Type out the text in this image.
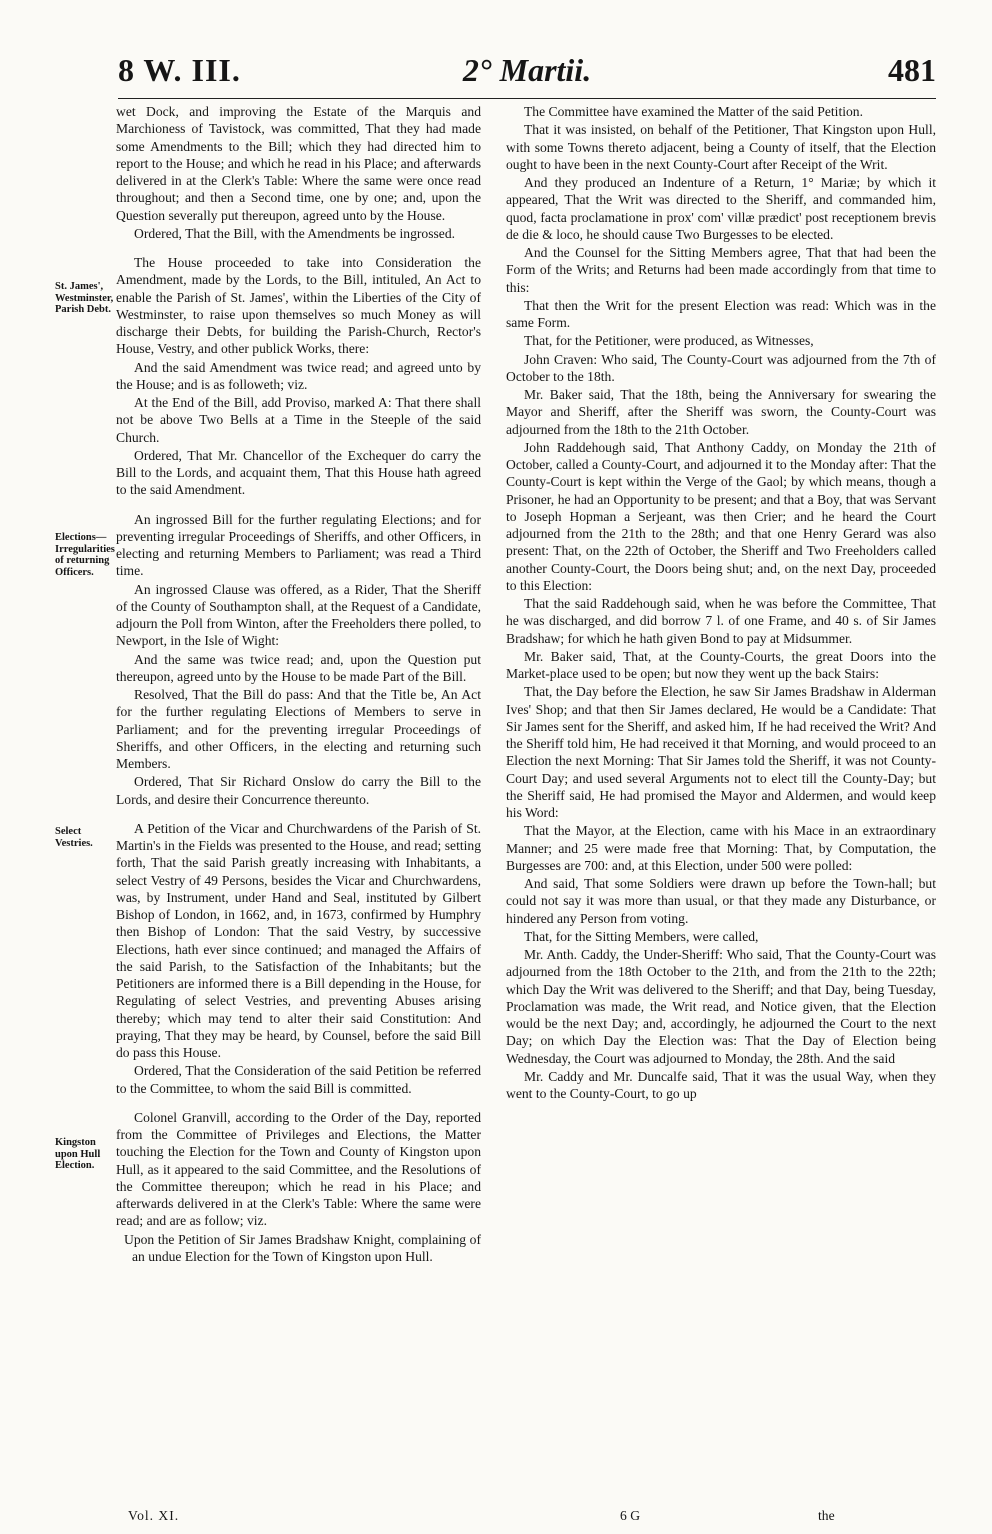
8 W. III.	2° Martii.	481
St. James', Westminster, Parish Debt.
Elections— Irregularities of returning Officers.
Select Vestries.
Kingston upon Hull Election.

wet Dock, and improving the Estate of the Marquis and Marchioness of Tavistock, was committed, That they had made some Amendments to the Bill; which they had directed him to report to the House; and which he read in his Place; and afterwards delivered in at the Clerk's Table: Where the same were once read throughout; and then a Second time, one by one; and, upon the Question severally put thereupon, agreed unto by the House.

Ordered, That the Bill, with the Amendments be ingrossed.

The House proceeded to take into Consideration the Amendment, made by the Lords, to the Bill, intituled, An Act to enable the Parish of St. James', within the Liberties of the City of Westminster, to raise upon themselves so much Money as will discharge their Debts, for building the Parish-Church, Rector's House, Vestry, and other publick Works, there:

And the said Amendment was twice read; and agreed unto by the House; and is as followeth; viz.

At the End of the Bill, add Proviso, marked A: That there shall not be above Two Bells at a Time in the Steeple of the said Church.

Ordered, That Mr. Chancellor of the Exchequer do carry the Bill to the Lords, and acquaint them, That this House hath agreed to the said Amendment.

An ingrossed Bill for the further regulating Elections; and for preventing irregular Proceedings of Sheriffs, and other Officers, in electing and returning Members to Parliament; was read a Third time.

An ingrossed Clause was offered, as a Rider, That the Sheriff of the County of Southampton shall, at the Request of a Candidate, adjourn the Poll from Winton, after the Freeholders there polled, to Newport, in the Isle of Wight:

And the same was twice read; and, upon the Question put thereupon, agreed unto by the House to be made Part of the Bill.

Resolved, That the Bill do pass: And that the Title be, An Act for the further regulating Elections of Members to serve in Parliament; and for the preventing irregular Proceedings of Sheriffs, and other Officers, in the electing and returning such Members.

Ordered, That Sir Richard Onslow do carry the Bill to the Lords, and desire their Concurrence thereunto.

A Petition of the Vicar and Churchwardens of the Parish of St. Martin's in the Fields was presented to the House, and read; setting forth, That the said Parish greatly increasing with Inhabitants, a select Vestry of 49 Persons, besides the Vicar and Churchwardens, was, by Instrument, under Hand and Seal, instituted by Gilbert Bishop of London, in 1662, and, in 1673, confirmed by Humphry then Bishop of London: That the said Vestry, by successive Elections, hath ever since continued; and managed the Affairs of the said Parish, to the Satisfaction of the Inhabitants; but the Petitioners are informed there is a Bill depending in the House, for Regulating of select Vestries, and preventing Abuses arising thereby; which may tend to alter their said Constitution: And praying, That they may be heard, by Counsel, before the said Bill do pass this House.

Ordered, That the Consideration of the said Petition be referred to the Committee, to whom the said Bill is committed.

Colonel Granvill, according to the Order of the Day, reported from the Committee of Privileges and Elections, the Matter touching the Election for the Town and County of Kingston upon Hull, as it appeared to the said Committee, and the Resolutions of the Committee thereupon; which he read in his Place; and afterwards delivered in at the Clerk's Table: Where the same were read; and are as follow; viz.

Upon the Petition of Sir James Bradshaw Knight, complaining of an undue Election for the Town of Kingston upon Hull.

The Committee have examined the Matter of the said Petition.

That it was insisted, on behalf of the Petitioner, That Kingston upon Hull, with some Towns thereto adjacent, being a County of itself, that the Election ought to have been in the next County-Court after Receipt of the Writ.

And they produced an Indenture of a Return, 1° Mariæ; by which it appeared, That the Writ was directed to the Sheriff, and commanded him, quod, facta proclamatione in prox' com' villæ prædict' post receptionem brevis de die & loco, he should cause Two Burgesses to be elected.

And the Counsel for the Sitting Members agree, That that had been the Form of the Writs; and Returns had been made accordingly from that time to this:

That then the Writ for the present Election was read: Which was in the same Form.

That, for the Petitioner, were produced, as Witnesses,

John Craven: Who said, The County-Court was adjourned from the 7th of October to the 18th.

Mr. Baker said, That the 18th, being the Anniversary for swearing the Mayor and Sheriff, after the Sheriff was sworn, the County-Court was adjourned from the 18th to the 21th October.

John Raddehough said, That Anthony Caddy, on Monday the 21th of October, called a County-Court, and adjourned it to the Monday after: That the County-Court is kept within the Verge of the Gaol; by which means, though a Prisoner, he had an Opportunity to be present; and that a Boy, that was Servant to Joseph Hopman a Serjeant, was then Crier; and he heard the Court adjourned from the 21th to the 28th; and that one Henry Gerard was also present: That, on the 22th of October, the Sheriff and Two Freeholders called another County-Court, the Doors being shut; and, on the next Day, proceeded to this Election:

That the said Raddehough said, when he was before the Committee, That he was discharged, and did borrow 7 l. of one Frame, and 40 s. of Sir James Bradshaw; for which he hath given Bond to pay at Midsummer.

Mr. Baker said, That, at the County-Courts, the great Doors into the Market-place used to be open; but now they went up the back Stairs:

That, the Day before the Election, he saw Sir James Bradshaw in Alderman Ives' Shop; and that then Sir James declared, He would be a Candidate: That Sir James sent for the Sheriff, and asked him, If he had received the Writ? And the Sheriff told him, He had received it that Morning, and would proceed to an Election the next Morning: That Sir James told the Sheriff, it was not County-Court Day; and used several Arguments not to elect till the County-Day; but the Sheriff said, He had promised the Mayor and Aldermen, and would keep his Word:

That the Mayor, at the Election, came with his Mace in an extraordinary Manner; and 25 were made free that Morning: That, by Computation, the Burgesses are 700: and, at this Election, under 500 were polled:

And said, That some Soldiers were drawn up before the Town-hall; but could not say it was more than usual, or that they made any Disturbance, or hindered any Person from voting.

That, for the Sitting Members, were called,

Mr. Anth. Caddy, the Under-Sheriff: Who said, That the County-Court was adjourned from the 18th October to the 21th, and from the 21th to the 22th; which Day the Writ was delivered to the Sheriff; and that Day, being Tuesday, Proclamation was made, the Writ read, and Notice given, that the Election would be the next Day; and, accordingly, he adjourned the Court to the next Day; on which Day the Election was: That the Day of Election being Wednesday, the Court was adjourned to Monday, the 28th. And the said

Mr. Caddy and Mr. Duncalfe said, That it was the usual Way, when they went to the County-Court, to go up

Vol. XI.	6 G	the
